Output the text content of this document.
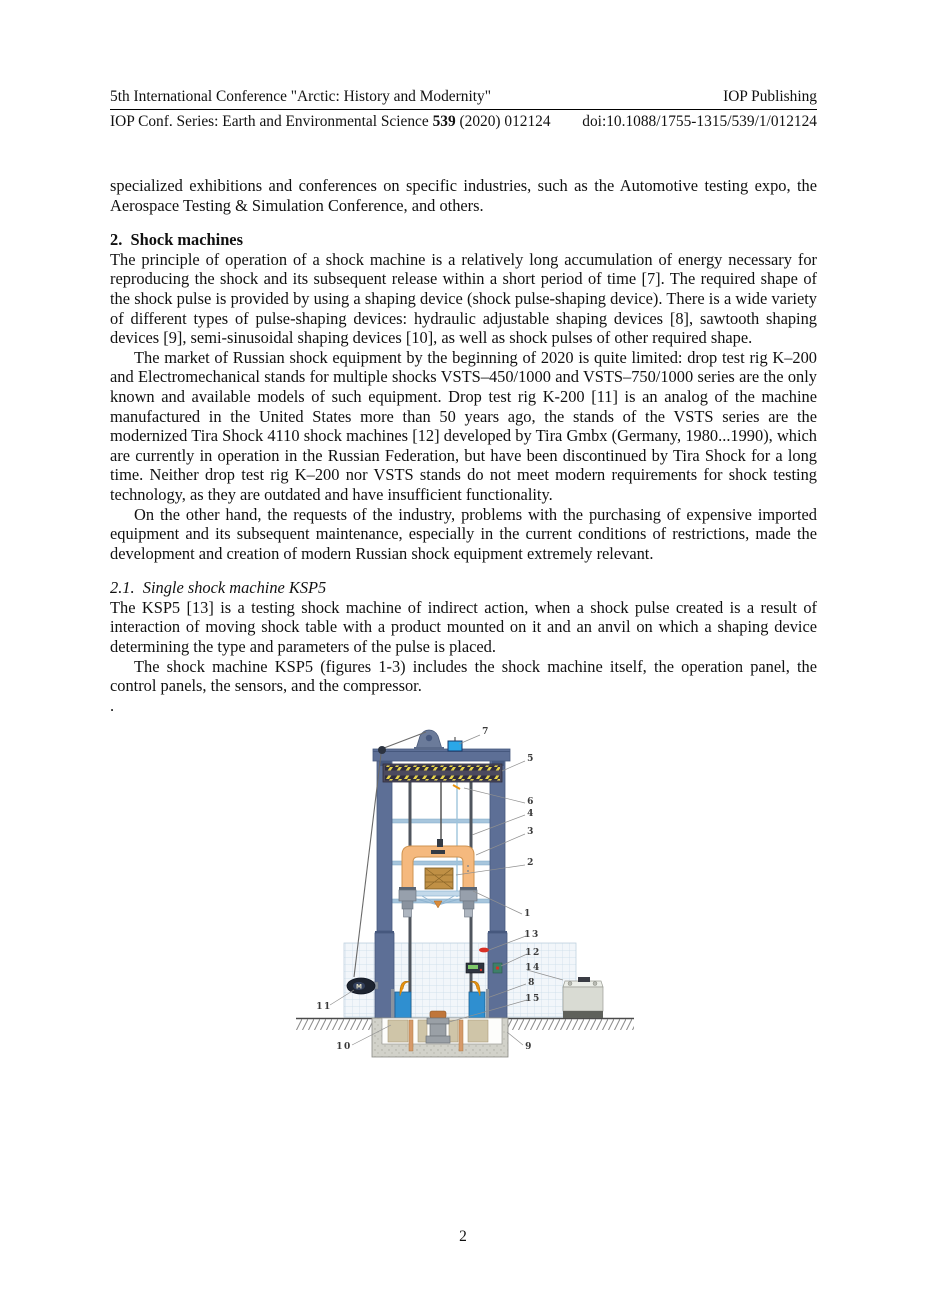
5th International Conference "Arctic: History and Modernity"	IOP Publishing
IOP Conf. Series: Earth and Environmental Science 539 (2020) 012124 doi:10.1088/1755-1315/539/1/012124

specialized exhibitions and conferences on specific industries, such as the Automotive testing expo, the Aerospace Testing & Simulation Conference, and others.

2.  Shock machines

The principle of operation of a shock machine is a relatively long accumulation of energy necessary for reproducing the shock and its subsequent release within a short period of time [7]. The required shape of the shock pulse is provided by using a shaping device (shock pulse-shaping device). There is a wide variety of different types of pulse-shaping devices: hydraulic adjustable shaping devices [8], sawtooth shaping devices [9], semi-sinusoidal shaping devices [10], as well as shock pulses of other required shape.

The market of Russian shock equipment by the beginning of 2020 is quite limited: drop test rig K–200 and Electromechanical stands for multiple shocks VSTS–450/1000 and VSTS–750/1000 series are the only known and available models of such equipment. Drop test rig K-200 [11] is an analog of the machine manufactured in the United States more than 50 years ago, the stands of the VSTS series are the modernized Tira Shock 4110 shock machines [12] developed by Tira Gmbx (Germany, 1980...1990), which are currently in operation in the Russian Federation, but have been discontinued by Tira Shock for a long time. Neither drop test rig K–200 nor VSTS stands do not meet modern requirements for shock testing technology, as they are outdated and have insufficient functionality.

On the other hand, the requests of the industry, problems with the purchasing of expensive imported equipment and its subsequent maintenance, especially in the current conditions of restrictions, made the development and creation of modern Russian shock equipment extremely relevant.

2.1.  Single shock machine KSP5

The KSP5 [13] is a testing shock machine of indirect action, when a shock pulse created is a result of interaction of moving shock table with a product mounted on it and an anvil on which a shaping device determining the type and parameters of the pulse is placed.

The shock machine KSP5 (figures 1-3) includes the shock machine itself, the operation panel, the control panels, the sensors, and the compressor.

.

M
7
5
6
4
3
2
1
13
12
14
8
15
11
10	9
2
